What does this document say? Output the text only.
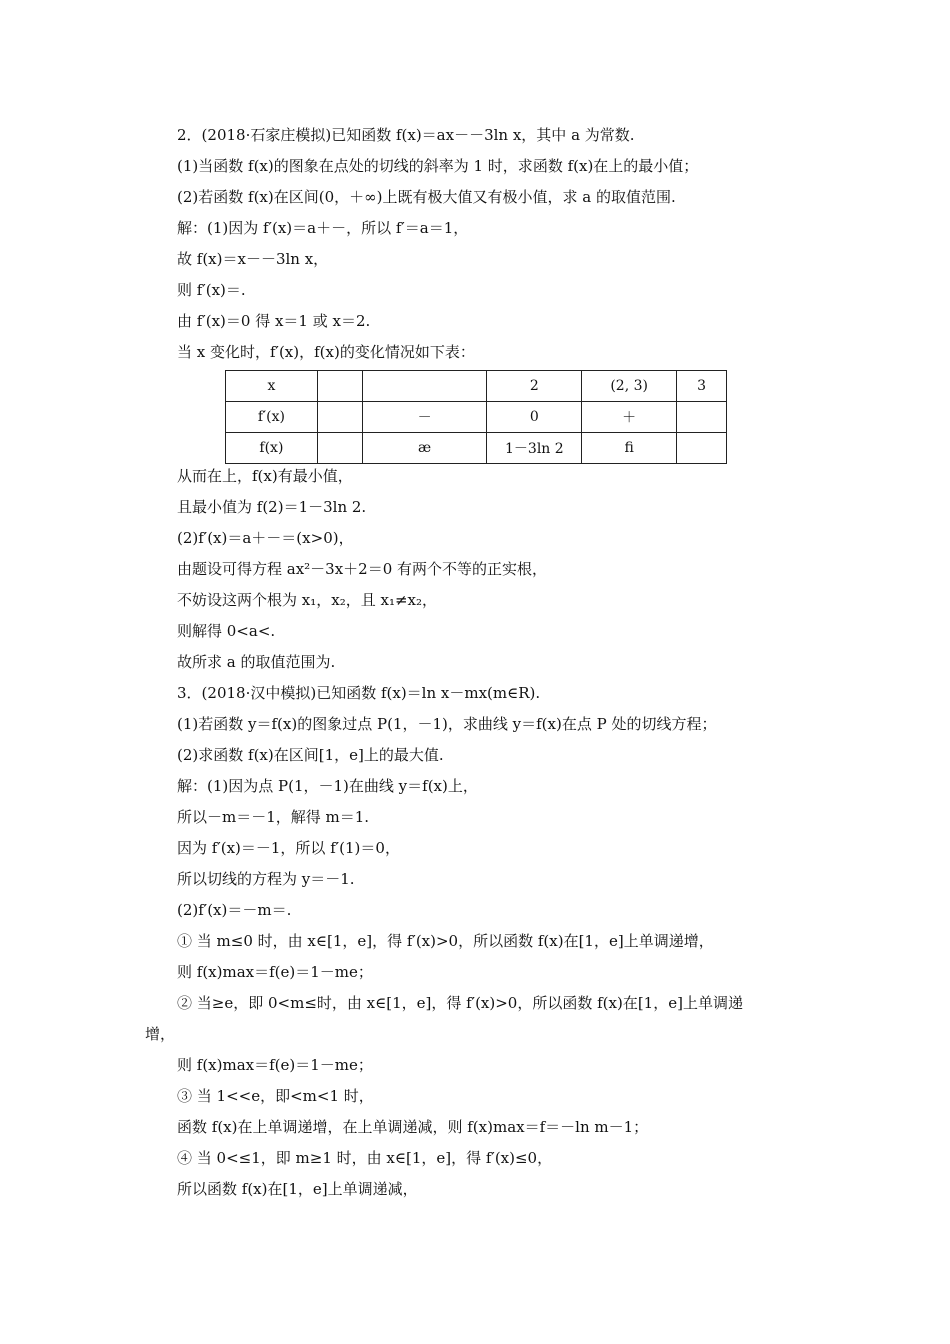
2．(2018·石家庄模拟)已知函数 f(x)＝ax－－3ln x，其中 a 为常数.
(1)当函数 f(x)的图象在点处的切线的斜率为 1 时，求函数 f(x)在上的最小值；
(2)若函数 f(x)在区间(0，＋∞)上既有极大值又有极小值，求 a 的取值范围.
解：(1)因为 f′(x)＝a＋－，所以 f′＝a＝1，
故 f(x)＝x－－3ln x，
则 f′(x)＝.
由 f′(x)＝0 得 x＝1 或 x＝2.
当 x 变化时，f′(x)，f(x)的变化情况如下表：
x			2	(2, 3)	3
f′(x)		－	0	＋	
f(x)		æ	1－3ln 2	ﬁ	
从而在上，f(x)有最小值，
且最小值为 f(2)＝1－3ln 2.
(2)f′(x)＝a＋－＝(x>0)，
由题设可得方程 ax²－3x＋2＝0 有两个不等的正实根，
不妨设这两个根为 x₁，x₂，且 x₁≠x₂，
则解得 0<a<.
故所求 a 的取值范围为.
3．(2018·汉中模拟)已知函数 f(x)＝ln x－mx(m∈R).
(1)若函数 y＝f(x)的图象过点 P(1，－1)，求曲线 y＝f(x)在点 P 处的切线方程；
(2)求函数 f(x)在区间[1，e]上的最大值.
解：(1)因为点 P(1，－1)在曲线 y＝f(x)上，
所以－m＝－1，解得 m＝1.
因为 f′(x)＝－1，所以 f′(1)＝0，
所以切线的方程为 y＝－1.
(2)f′(x)＝－m＝.
① 当 m≤0 时，由 x∈[1，e]，得 f′(x)>0，所以函数 f(x)在[1，e]上单调递增，
则 f(x)max＝f(e)＝1－me；
② 当≥e，即 0<m≤时，由 x∈[1，e]，得 f′(x)>0，所以函数 f(x)在[1，e]上单调递
增，
则 f(x)max＝f(e)＝1－me；
③ 当 1<<e，即<m<1 时，
函数 f(x)在上单调递增，在上单调递减，则 f(x)max＝f＝－ln m－1；
④ 当 0<≤1，即 m≥1 时，由 x∈[1，e]，得 f′(x)≤0，
所以函数 f(x)在[1，e]上单调递减，
